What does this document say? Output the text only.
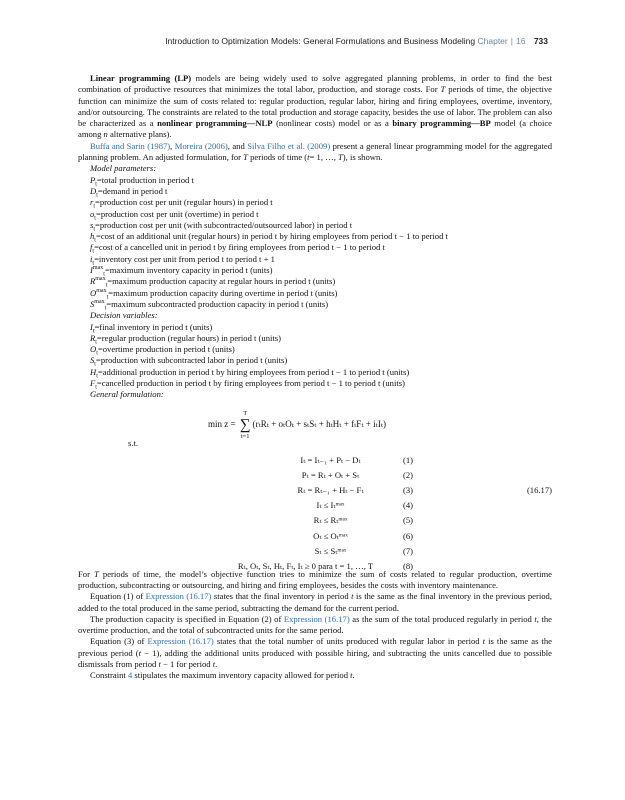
Introduction to Optimization Models: General Formulations and Business Modeling Chapter | 16 733

Linear programming (LP) models are being widely used to solve aggregated planning problems, in order to find the best combination of productive resources that minimizes the total labor, production, and storage costs. For T periods of time, the objective function can minimize the sum of costs related to: regular production, regular labor, hiring and firing employees, overtime, inventory, and/or outsourcing. The constraints are related to the total production and storage capacity, besides the use of labor. The problem can also be characterized as a nonlinear programming—NLP (nonlinear costs) model or as a binary programming—BP model (a choice among n alternative plans).

Buffa and Sarin (1987), Moreira (2006), and Silva Filho et al. (2009) present a general linear programming model for the aggregated planning problem. An adjusted formulation, for T periods of time (t= 1, …, T), is shown.

Model parameters:
$P_t=total$ production in period t
$D_t=demand$ in period t
$r_t=production$ cost per unit (regular hours) in period t
$o_t=production$ cost per unit (overtime) in period t
$s_t=production$ cost per unit (with subcontracted/outsourced labor) in period t
$h_t=\cos t$ of an additional unit (regular hours) in period t by hiring employees from period t − 1 to period t
$f_t=\cos t$ of a cancelled unit in period t by firing employees from period t − 1 to period t
$i_t=inventory$ cost per unit from period t to period t + 1
$I^{max}_t=maximum$ inventory capacity in period t (units)
$R^{max}_t=maximum$ production capacity at regular hours in period t (units)
$O^{max}_t=maximum$ production capacity during overtime in period t (units)
$S^{max}_t=maximum$ subcontracted production capacity in period t (units)
Decision variables:
$I_t=final$ inventory in period t (units)
$R_t=regular$ production (regular hours) in period t (units)
$O_t=overtime$ production in period t (units)
$S_t=production$ with subcontracted labor in period t (units)
$H_t=additional$ production in period t by hiring employees from period t − 1 to period t (units)
$F_t=cancelled$ production in period t by firing employees from period t − 1 to period t (units)
General formulation:
min z =
T
∑
t=1
(rₜRₜ + oₜOₜ + sₜSₜ + hₜHₜ + fₜFₜ + iₜIₜ)
s.t.
Iₜ = Iₜ₋₁ + Pₜ − Dₜ	(1)
Pₜ = Rₜ + Oₜ + Sₜ	(2)
Rₜ = Rₜ₋₁ + Hₜ − Fₜ	(3)	(16.17)
Iₜ ≤ Iₜᵐᵃˣ	(4)
Rₜ ≤ Rₜᵐᵃˣ	(5)
Oₜ ≤ Oₜᵐᵃˣ	(6)
Sₜ ≤ Sₜᵐᵃˣ	(7)
Rₜ, Oₜ, Sₜ, Hₜ, Fₜ, Iₜ ≥ 0 para t = 1, …, T	(8)

For T periods of time, the model’s objective function tries to minimize the sum of costs related to regular production, overtime production, subcontracting or outsourcing, and hiring and firing employees, besides the costs with inventory maintenance.

Equation (1) of Expression (16.17) states that the final inventory in period t is the same as the final inventory in the previous period, added to the total produced in the same period, subtracting the demand for the current period.

The production capacity is specified in Equation (2) of Expression (16.17) as the sum of the total produced regularly in period t, the overtime production, and the total of subcontracted units for the same period.

Equation (3) of Expression (16.17) states that the total number of units produced with regular labor in period t is the same as the previous period (t − 1), adding the additional units produced with possible hiring, and subtracting the units cancelled due to possible dismissals from period t − 1 for period t.

Constraint 4 stipulates the maximum inventory capacity allowed for period t.
